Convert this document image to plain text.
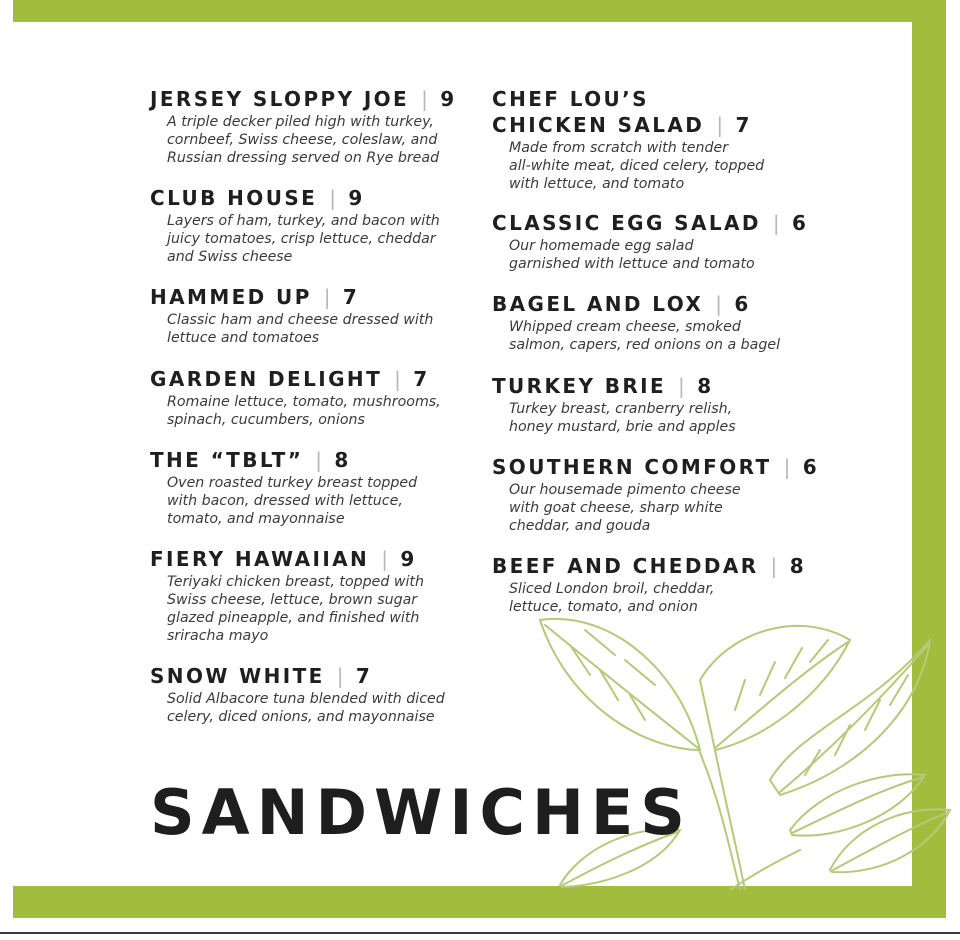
JERSEY SLOPPY JOE | 9
A triple decker piled high with turkey,
cornbeef, Swiss cheese, coleslaw, and
Russian dressing served on Rye bread
CLUB HOUSE | 9
Layers of ham, turkey, and bacon with
juicy tomatoes, crisp lettuce, cheddar
and Swiss cheese
HAMMED UP | 7
Classic ham and cheese dressed with
lettuce and tomatoes
GARDEN DELIGHT | 7
Romaine lettuce, tomato, mushrooms,
spinach, cucumbers, onions
THE “TBLT” | 8
Oven roasted turkey breast topped
with bacon, dressed with lettuce,
tomato, and mayonnaise
FIERY HAWAIIAN | 9
Teriyaki chicken breast, topped with
Swiss cheese, lettuce, brown sugar
glazed pineapple, and finished with
sriracha mayo
SNOW WHITE | 7
Solid Albacore tuna blended with diced
celery, diced onions, and mayonnaise
CHEF LOU’S
CHICKEN SALAD | 7
Made from scratch with tender
all-white meat, diced celery, topped
with lettuce, and tomato
CLASSIC EGG SALAD | 6
Our homemade egg salad
garnished with lettuce and tomato
BAGEL AND LOX | 6
Whipped cream cheese, smoked
salmon, capers, red onions on a bagel
TURKEY BRIE | 8
Turkey breast, cranberry relish,
honey mustard, brie and apples
SOUTHERN COMFORT | 6
Our housemade pimento cheese
with goat cheese, sharp white
cheddar, and gouda
BEEF AND CHEDDAR | 8
Sliced London broil, cheddar,
lettuce, tomato, and onion
SANDWICHES
